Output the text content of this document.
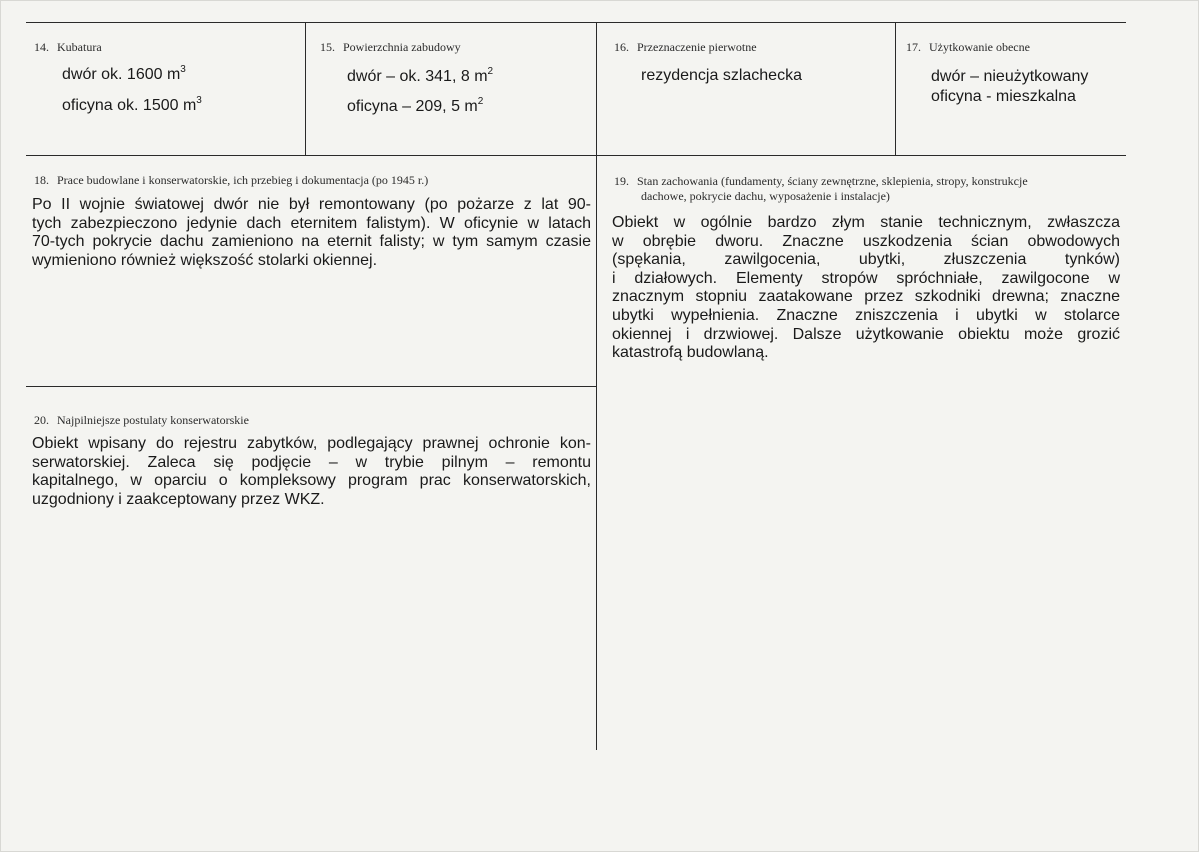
14. Kubatura
dwór ok. 1600 $m^3$
oficyna ok. 1500 $m^3$
15. Powierzchnia zabudowy
dwór – ok. 341, 8 $m^2$
oficyna – 209, 5 $m^2$
16. Przeznaczenie pierwotne
rezydencja szlachecka
17. Użytkowanie obecne
dwór – nieużytkowany
oficyna - mieszkalna
18. Prace budowlane i konserwatorskie, ich przebieg i dokumentacja (po 1945 r.)
Po II wojnie światowej dwór nie był remontowany (po pożarze z lat 90-
tych zabezpieczono jedynie dach eternitem falistym). W oficynie w latach
70-tych pokrycie dachu zamieniono na eternit falisty; w tym samym czasie
wymieniono również większość stolarki okiennej.
19. Stan zachowania (fundamenty, ściany zewnętrzne, sklepienia, stropy, konstrukcje
dachowe, pokrycie dachu, wyposażenie i instalacje)
Obiekt w ogólnie bardzo złym stanie technicznym, zwłaszcza
w obrębie dworu. Znaczne uszkodzenia ścian obwodowych
(spękania, zawilgocenia, ubytki, złuszczenia tynków)
i działowych. Elementy stropów spróchniałe, zawilgocone w
znacznym stopniu zaatakowane przez szkodniki drewna; znaczne
ubytki wypełnienia. Znaczne zniszczenia i ubytki w stolarce
okiennej i drzwiowej. Dalsze użytkowanie obiektu może grozić
katastrofą budowlaną.
20. Najpilniejsze postulaty konserwatorskie
Obiekt wpisany do rejestru zabytków, podlegający prawnej ochronie kon-
serwatorskiej. Zaleca się podjęcie – w trybie pilnym – remontu
kapitalnego, w oparciu o kompleksowy program prac konserwatorskich,
uzgodniony i zaakceptowany przez WKZ.
